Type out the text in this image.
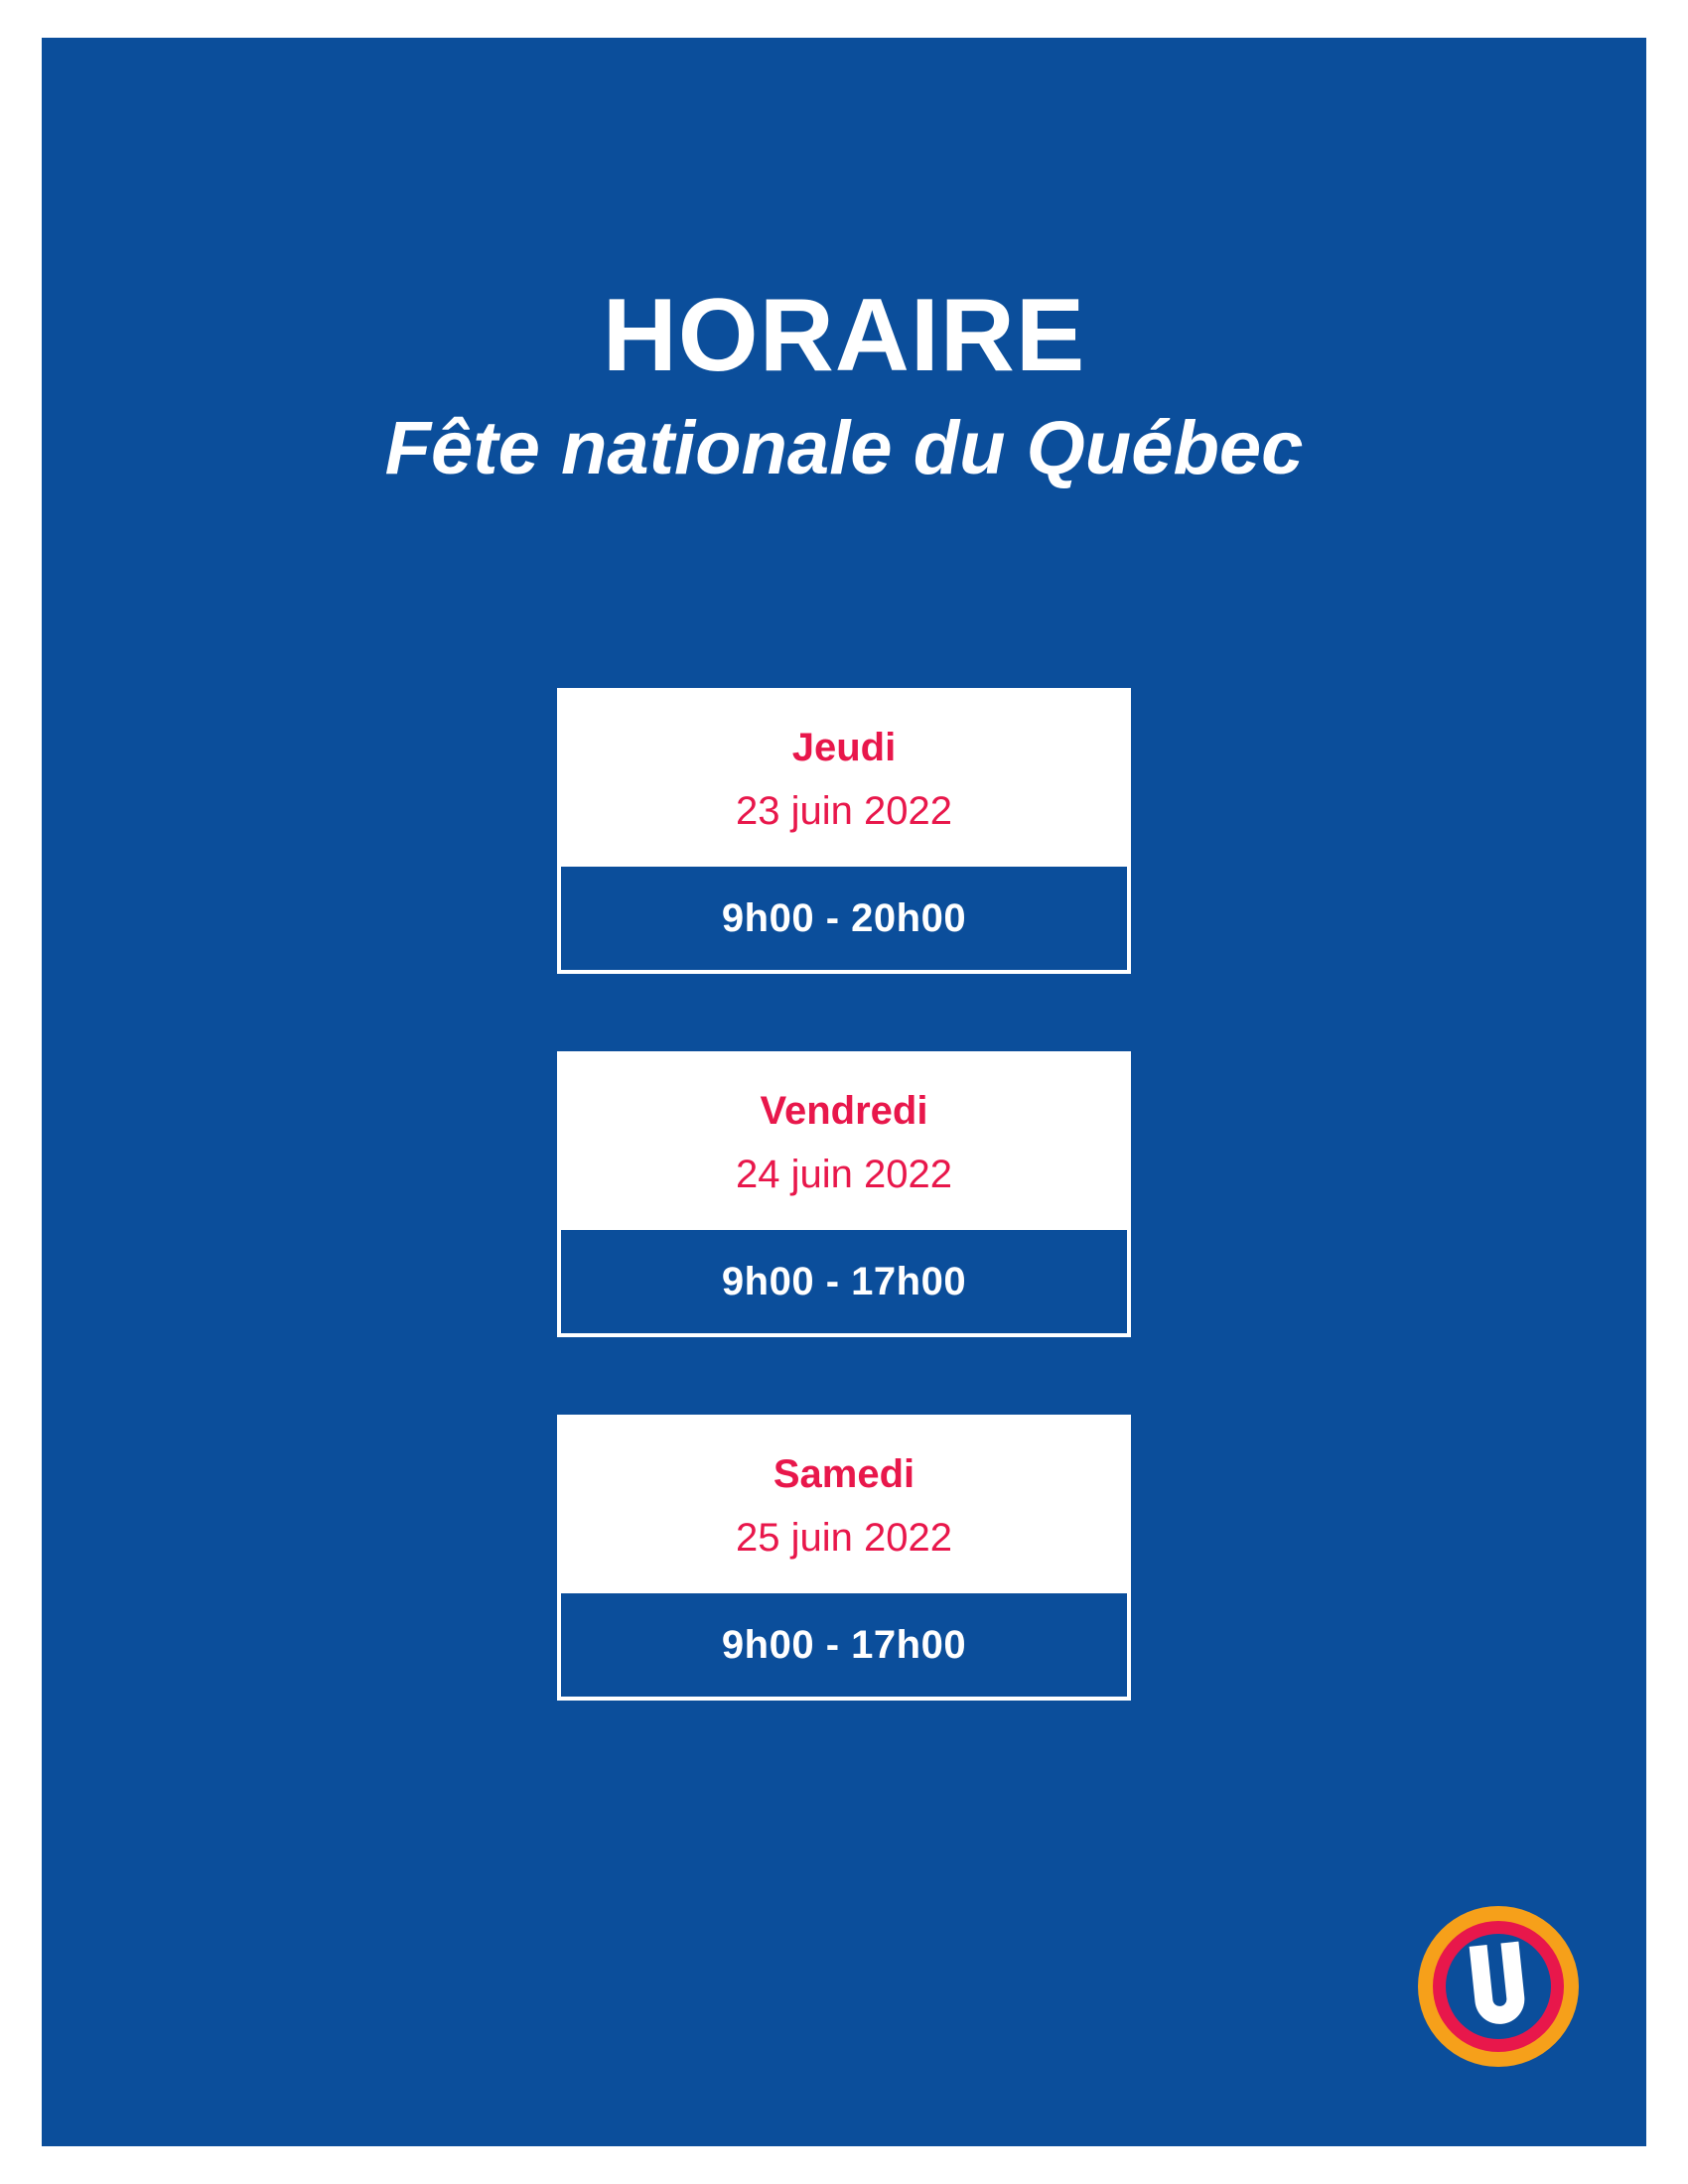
HORAIRE
Fête nationale du Québec
Jeudi
23 juin 2022
9h00 - 20h00
Vendredi
24 juin 2022
9h00 - 17h00
Samedi
25 juin 2022
9h00 - 17h00
